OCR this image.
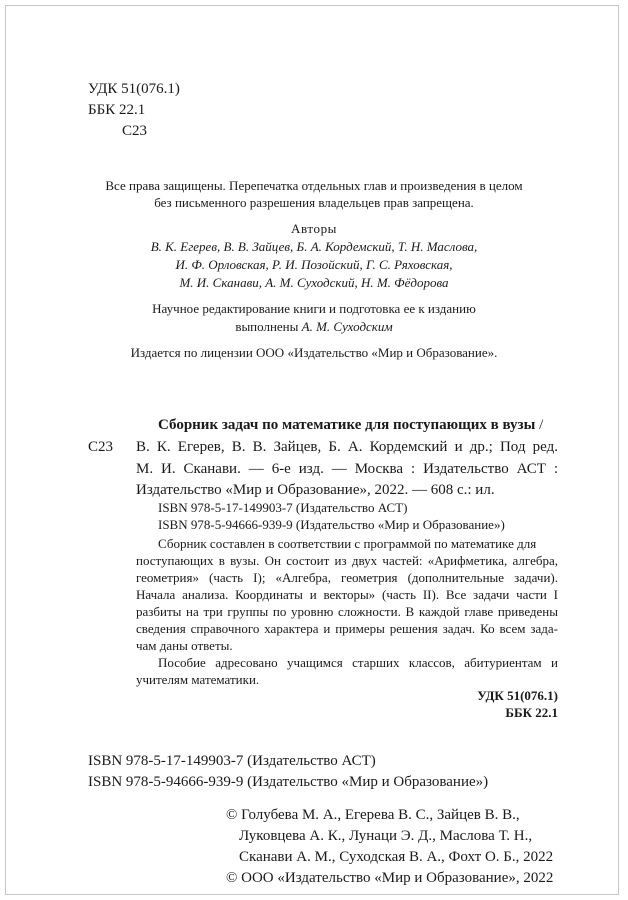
УДК 51(076.1)
ББК 22.1
С23
Все права защищены. Перепечатка отдельных глав и произведения в целом
без письменного разрешения владельцев прав запрещена.
Авторы
В. К. Егерев, В. В. Зайцев, Б. А. Кордемский, Т. Н. Маслова,
И. Ф. Орловская, Р. И. Позойский, Г. С. Ряховская,
М. И. Сканави, А. М. Суходский, Н. М. Фёдорова
Научное редактирование книги и подготовка ее к изданию
выполнены А. М. Суходским
Издается по лицензии ООО «Издательство «Мир и Образование».
С23
Сборник задач по математике для поступающих в вузы /
В. К. Егерев, В. В. Зайцев, Б. А. Кордемский и др.; Под ред.
М. И. Сканави. — 6-е изд. — Москва : Издательство АСТ :
Издательство «Мир и Образование», 2022. — 608 с.: ил.
ISBN 978-5-17-149903-7 (Издательство АСТ)
ISBN 978-5-94666-939-9 (Издательство «Мир и Образование»)
Сборник составлен в соответствии с программой по математике для
поступающих в вузы. Он состоит из двух частей: «Арифметика, алгебра,
геометрия» (часть I); «Алгебра, геометрия (дополнительные задачи).
Начала анализа. Координаты и векторы» (часть II). Все задачи части I
разбиты на три группы по уровню сложности. В каждой главе приведены
сведения справочного характера и примеры решения задач. Ко всем зада-
чам даны ответы.
Пособие адресовано учащимся старших классов, абитуриентам и
учителям математики.
УДК 51(076.1)
ББК 22.1
ISBN 978-5-17-149903-7 (Издательство АСТ)
ISBN 978-5-94666-939-9 (Издательство «Мир и Образование»)
© Голубева М. А., Егерева В. С., Зайцев В. В.,
Луковцева А. К., Лунаци Э. Д., Маслова Т. Н.,
Сканави А. М., Суходская В. А., Фохт О. Б., 2022
© ООО «Издательство «Мир и Образование», 2022
